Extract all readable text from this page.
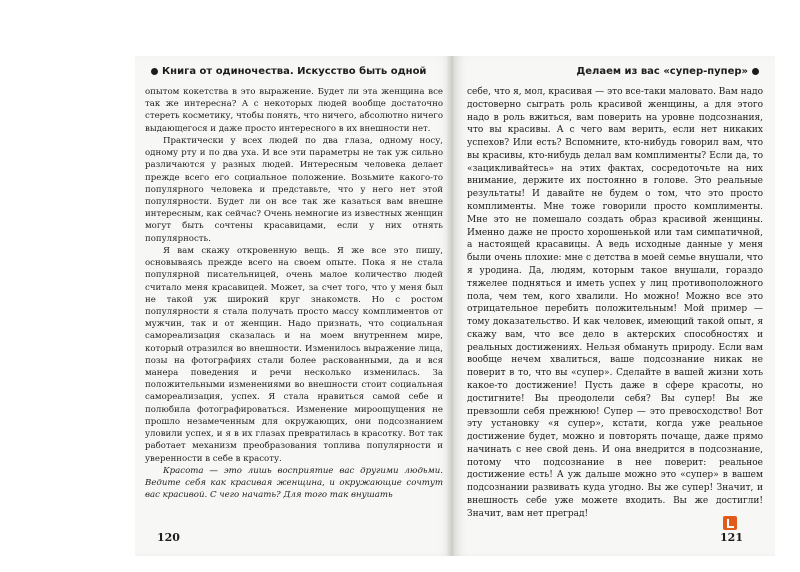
Книга от одиночества. Искусство быть одной

опытом кокетства в это выражение. Будет ли эта женщина все так же интересна? А с некоторых людей вообще достаточно стереть косметику, чтобы понять, что ничего, абсолютно ничего выдающегося и даже просто интересного в их внешности нет.

Практически у всех людей по два глаза, одному носу, одному рту и по два уха. И все эти параметры не так уж сильно различаются у разных людей. Интересным человека делает прежде всего его социальное положение. Возьмите какого-то популярного человека и представьте, что у него нет этой популярности. Будет ли он все так же казаться вам внешне интересным, как сейчас? Очень немногие из известных женщин могут быть сочтены красавицами, если у них отнять популярность.

Я вам скажу откровенную вещь. Я же все это пишу, основываясь прежде всего на своем опыте. Пока я не стала популярной писательницей, очень малое количество людей считало меня красавицей. Может, за счет того, что у меня был не такой уж широкий круг знакомств. Но с ростом популярности я стала получать просто массу комплиментов от мужчин, так и от женщин. Надо признать, что социальная самореализация сказалась и на моем внутреннем мире, который отразился во внешности. Изменилось выражение лица, позы на фотографиях стали более раскованными, да и вся манера поведения и речи несколько изменилась. За положительными изменениями во внешности стоит социальная самореализация, успех. Я стала нравиться самой себе и полюбила фотографироваться. Изменение мироощущения не прошло незамеченным для окружающих, они подсознанием уловили успех, и я в их глазах превратилась в красотку. Вот так работает механизм преобразования топлива популярности и уверенности в себе в красоту.

Красота — это лишь восприятие вас другими людьми. Ведите себя как красивая женщина, и окружающие сочтут вас красивой. С чего начать? Для того так внушать

120
Делаем из вас «супер-пупер»

себе, что я, мол, красивая — это все-таки маловато. Вам надо достоверно сыграть роль красивой женщины, а для этого надо в роль вжиться, вам поверить на уровне подсознания, что вы красивы. А с чего вам верить, если нет никаких успехов? Или есть? Вспомните, кто-нибудь говорил вам, что вы красивы, кто-нибудь делал вам комплименты? Если да, то «зацикливайтесь» на этих фактах, сосредоточьте на них внимание, держите их постоянно в голове. Это реальные результаты! И давайте не будем о том, что это просто комплименты. Мне тоже говорили просто комплименты. Мне это не помешало создать образ красивой женщины. Именно даже не просто хорошенькой или там симпатичной, а настоящей красавицы. А ведь исходные данные у меня были очень плохие: мне с детства в моей семье внушали, что я уродина. Да, людям, которым такое внушали, гораздо тяжелее подняться и иметь успех у лиц противоположного пола, чем тем, кого хвалили. Но можно! Можно все это отрицательное перебить положительным! Мой пример — тому доказательство. И как человек, имеющий такой опыт, я скажу вам, что все дело в актерских способностях и реальных достижениях. Нельзя обмануть природу. Если вам вообще нечем хвалиться, ваше подсознание никак не поверит в то, что вы «супер». Сделайте в вашей жизни хоть какое-то достижение! Пусть даже в сфере красоты, но достигните! Вы преодолели себя? Вы супер! Вы же превзошли себя прежнюю! Супер — это превосходство! Вот эту установку «я супер», кстати, когда уже реальное достижение будет, можно и повторять почаще, даже прямо начинать с нее свой день. И она внедрится в подсознание, потому что подсознание в нее поверит: реальное достижение есть! А уж дальше можно это «супер» в вашем подсознании развивать куда угодно. Вы же супер! Значит, и внешность себе уже можете входить. Вы же достигли! Значит, вам нет преград!

121
